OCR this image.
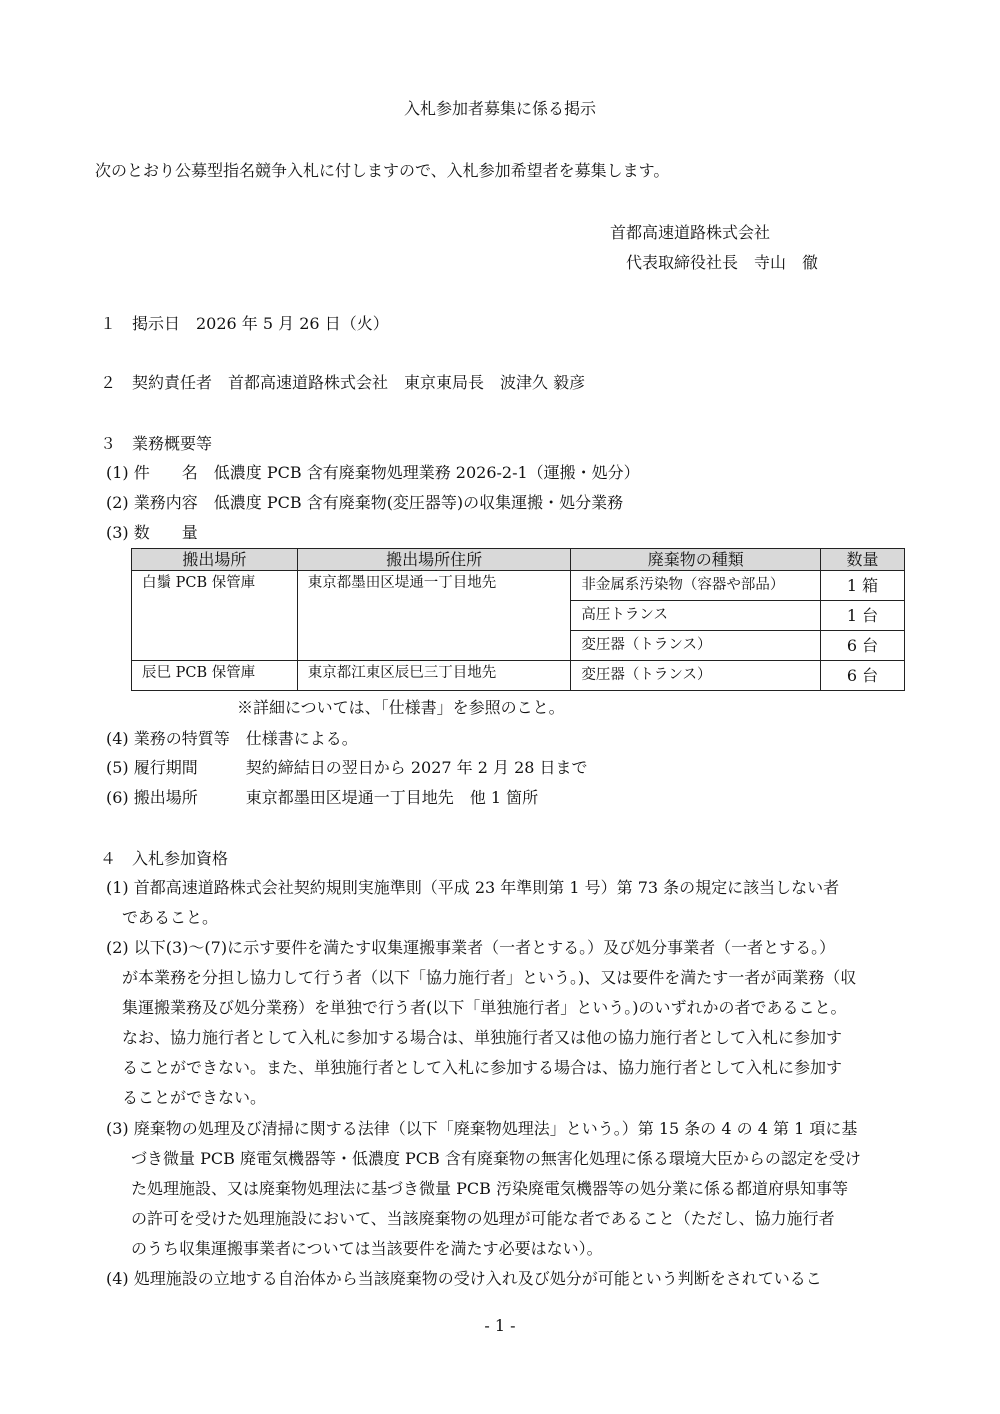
入札参加者募集に係る掲示
次のとおり公募型指名競争入札に付しますので、入札参加希望者を募集します。
首都高速道路株式会社
代表取締役社長　寺山　徹
１　掲示日　2026 年 5 月 26 日（火）
２　契約責任者　首都高速道路株式会社　東京東局長　波津久 毅彦
３　業務概要等
(1) 件　　名　低濃度 PCB 含有廃棄物処理業務 2026-2-1（運搬・処分）
(2) 業務内容　低濃度 PCB 含有廃棄物(変圧器等)の収集運搬・処分業務
(3) 数　　量
搬出場所	搬出場所住所	廃棄物の種類	数量
白鬚 PCB 保管庫	東京都墨田区堤通一丁目地先	非金属系汚染物（容器や部品）	1 箱
		高圧トランス	1 台
		変圧器（トランス）	6 台
辰巳 PCB 保管庫	東京都江東区辰巳三丁目地先	変圧器（トランス）	6 台
※詳細については、「仕様書」を参照のこと。
(4) 業務の特質等　仕様書による。
(5) 履行期間　　　契約締結日の翌日から 2027 年 2 月 28 日まで
(6) 搬出場所　　　東京都墨田区堤通一丁目地先　他 1 箇所
４　入札参加資格
(1) 首都高速道路株式会社契約規則実施準則（平成 23 年準則第 1 号）第 73 条の規定に該当しない者
であること。
(2) 以下(3)～(7)に示す要件を満たす収集運搬事業者（一者とする。）及び処分事業者（一者とする。）
が本業務を分担し協力して行う者（以下「協力施行者」という。)、又は要件を満たす一者が両業務（収
集運搬業務及び処分業務）を単独で行う者(以下「単独施行者」という。)のいずれかの者であること。
なお、協力施行者として入札に参加する場合は、単独施行者又は他の協力施行者として入札に参加す
ることができない。また、単独施行者として入札に参加する場合は、協力施行者として入札に参加す
ることができない。
(3) 廃棄物の処理及び清掃に関する法律（以下「廃棄物処理法」という。）第 15 条の 4 の 4 第 1 項に基
づき微量 PCB 廃電気機器等・低濃度 PCB 含有廃棄物の無害化処理に係る環境大臣からの認定を受け
た処理施設、又は廃棄物処理法に基づき微量 PCB 汚染廃電気機器等の処分業に係る都道府県知事等
の許可を受けた処理施設において、当該廃棄物の処理が可能な者であること（ただし、協力施行者
のうち収集運搬事業者については当該要件を満たす必要はない）。
(4) 処理施設の立地する自治体から当該廃棄物の受け入れ及び処分が可能という判断をされているこ
- 1 -
